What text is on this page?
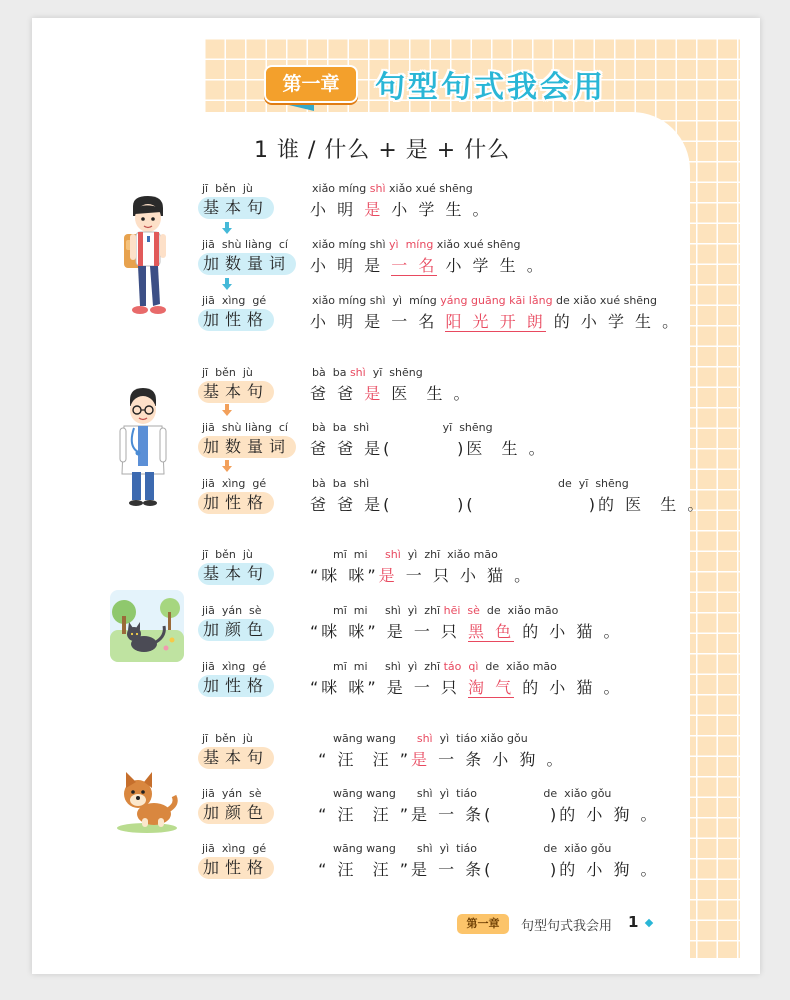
第一章	句型句式我会用
1 谁 / 什么 + 是 + 什么
jī  běn  jù
基本句
xiǎo míng shì xiǎo xué shēng
小 明 是 小 学 生 。
jiā  shù liàng  cí
加数量词
xiǎo míng shì yì  míng xiǎo xué shēng
小 明 是 一 名 小 学 生 。
jiā  xìng  gé
加性格
xiǎo míng shì  yì  míng yáng guāng kāi lǎng de xiǎo xué shēng
小 明 是 一 名 阳 光 开 朗 的 小 学 生 。
jī  běn  jù
基本句
bà  ba shì  yī  shēng
爸 爸 是 医  生 。
jiā  shù liàng  cí
加数量词
bà  ba  shì                     yī  shēng
爸 爸 是(        )医  生 。
jiā  xìng  gé
加性格
bà  ba  shì                                                      de  yī  shēng
爸 爸 是(        )(              )的 医  生 。
jī  běn  jù
基本句
mī  mi     shì  yì  zhī  xiǎo māo
“咪 咪”是 一 只 小 猫 。
jiā  yán  sè
加颜色
mī  mi     shì  yì  zhī hēi  sè  de  xiǎo māo
“咪 咪” 是 一 只 黑 色 的 小 猫 。
jiā  xìng  gé
加性格
mī  mi     shì  yì  zhī táo  qì  de  xiǎo māo
“咪 咪” 是 一 只 淘 气 的 小 猫 。
jī  běn  jù
基本句
wāng wang      shì  yì  tiáo xiǎo gǒu
“ 汪  汪 ”是 一 条 小 狗 。
jiā  yán  sè
加颜色
wāng wang      shì  yì  tiáo                   de  xiǎo gǒu
“ 汪  汪 ”是 一 条(       )的 小 狗 。
jiā  xìng  gé
加性格
wāng wang      shì  yì  tiáo                   de  xiǎo gǒu
“ 汪  汪 ”是 一 条(       )的 小 狗 。
第一章	句型句式我会用 1
